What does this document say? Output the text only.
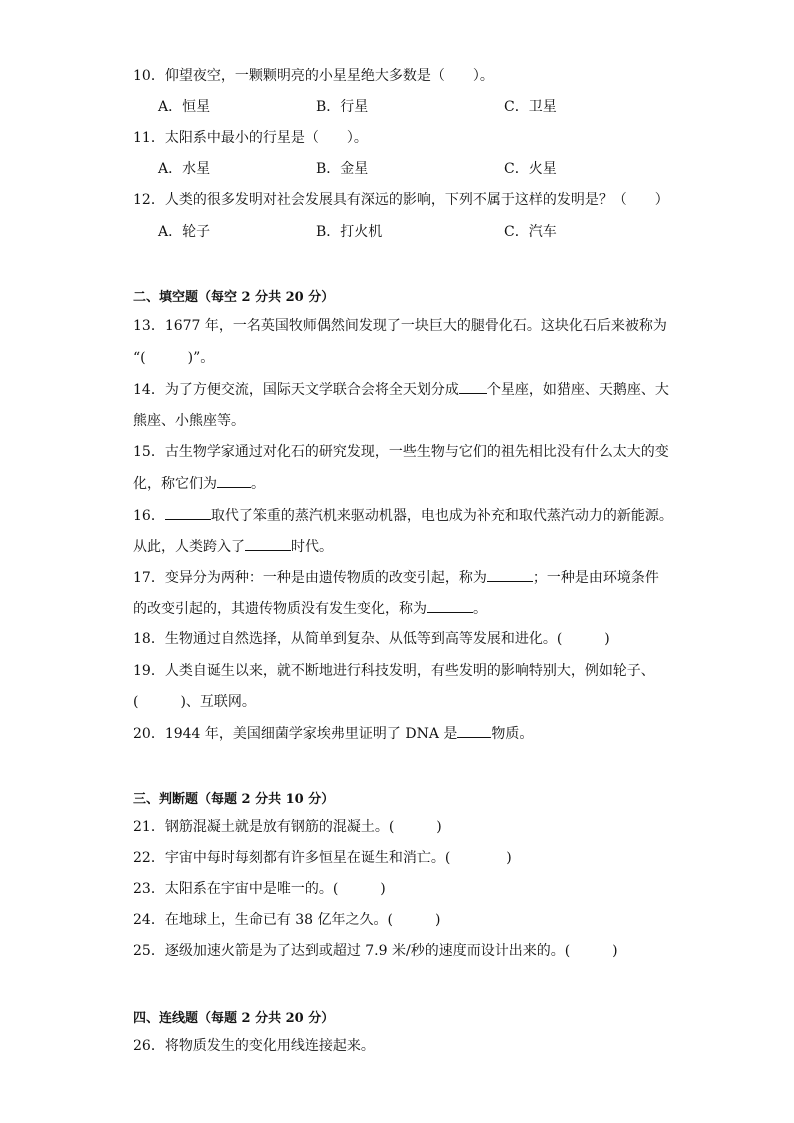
10．仰望夜空，一颗颗明亮的小星星绝大多数是（　　）。
A．恒星	B．行星	C．卫星
11．太阳系中最小的行星是（　　）。
A．水星	B．金星	C．火星
12．人类的很多发明对社会发展具有深远的影响，下列不属于这样的发明是？（　　）
A．轮子	B．打火机	C．汽车
二、填空题（每空 2 分共 20 分）
13．1677 年，一名英国牧师偶然间发现了一块巨大的腿骨化石。这块化石后来被称为
“(　　　)”。
14．为了方便交流，国际天文学联合会将全天划分成 个星座，如猎座、天鹅座、大
熊座、小熊座等。
15．古生物学家通过对化石的研究发现，一些生物与它们的祖先相比没有什么太大的变
化，称它们为 。
16．	取代了笨重的蒸汽机来驱动机器，电也成为补充和取代蒸汽动力的新能源。
从此，人类跨入了	时代。
17．变异分为两种：一种是由遗传物质的改变引起，称为	；一种是由环境条件
的改变引起的，其遗传物质没有发生变化，称为	。
18．生物通过自然选择，从简单到复杂、从低等到高等发展和进化。(　　　)
19．人类自诞生以来，就不断地进行科技发明，有些发明的影响特别大，例如轮子、
(　　　)、互联网。
20．1944 年，美国细菌学家埃弗里证明了 DNA 是 物质。
三、判断题（每题 2 分共 10 分）
21．钢筋混凝土就是放有钢筋的混凝土。(　　　)
22．宇宙中每时每刻都有许多恒星在诞生和消亡。(　　　　)
23．太阳系在宇宙中是唯一的。(　　　)
24．在地球上，生命已有 38 亿年之久。(　　　)
25．逐级加速火箭是为了达到或超过 7.9 米/秒的速度而设计出来的。(　　　)
四、连线题（每题 2 分共 20 分）
26．将物质发生的变化用线连接起来。
